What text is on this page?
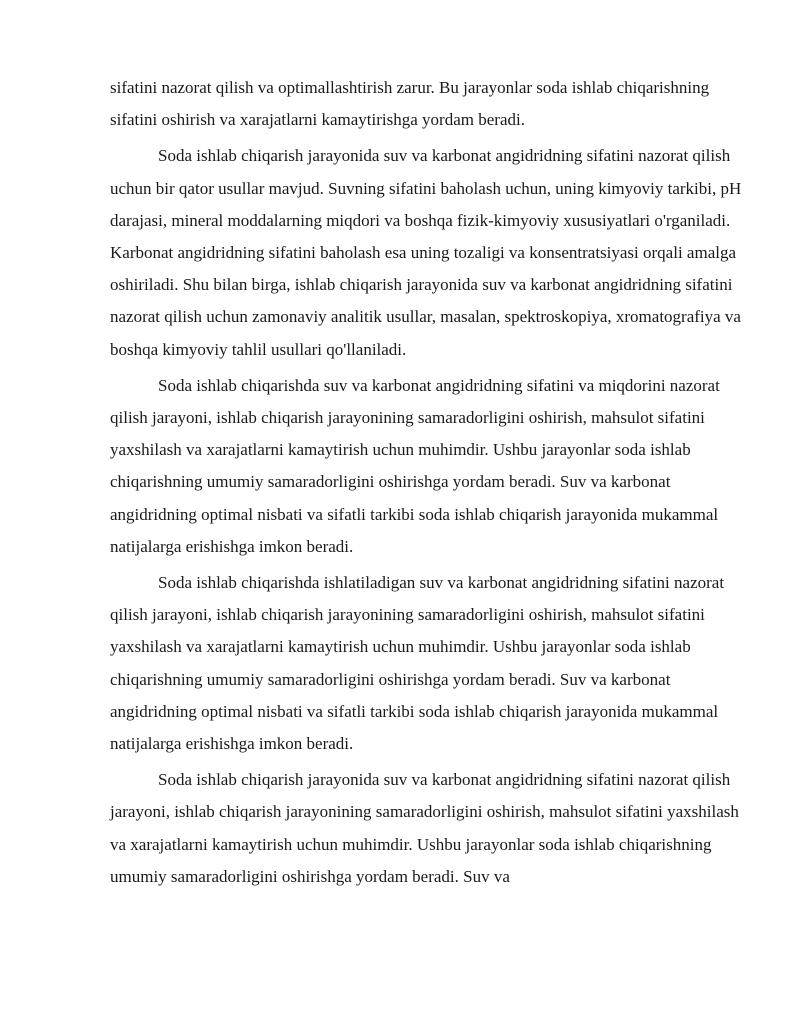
sifatini nazorat qilish va optimallashtirish zarur. Bu jarayonlar soda ishlab chiqarishning sifatini oshirish va xarajatlarni kamaytirishga yordam beradi.

Soda ishlab chiqarish jarayonida suv va karbonat angidridning sifatini nazorat qilish uchun bir qator usullar mavjud. Suvning sifatini baholash uchun, uning kimyoviy tarkibi, pH darajasi, mineral moddalarning miqdori va boshqa fizik-kimyoviy xususiyatlari o'rganiladi. Karbonat angidridning sifatini baholash esa uning tozaligi va konsentratsiyasi orqali amalga oshiriladi. Shu bilan birga, ishlab chiqarish jarayonida suv va karbonat angidridning sifatini nazorat qilish uchun zamonaviy analitik usullar, masalan, spektroskopiya, xromatografiya va boshqa kimyoviy tahlil usullari qo'llaniladi.

Soda ishlab chiqarishda suv va karbonat angidridning sifatini va miqdorini nazorat qilish jarayoni, ishlab chiqarish jarayonining samaradorligini oshirish, mahsulot sifatini yaxshilash va xarajatlarni kamaytirish uchun muhimdir. Ushbu jarayonlar soda ishlab chiqarishning umumiy samaradorligini oshirishga yordam beradi. Suv va karbonat angidridning optimal nisbati va sifatli tarkibi soda ishlab chiqarish jarayonida mukammal natijalarga erishishga imkon beradi.

Soda ishlab chiqarishda ishlatiladigan suv va karbonat angidridning sifatini nazorat qilish jarayoni, ishlab chiqarish jarayonining samaradorligini oshirish, mahsulot sifatini yaxshilash va xarajatlarni kamaytirish uchun muhimdir. Ushbu jarayonlar soda ishlab chiqarishning umumiy samaradorligini oshirishga yordam beradi. Suv va karbonat angidridning optimal nisbati va sifatli tarkibi soda ishlab chiqarish jarayonida mukammal natijalarga erishishga imkon beradi.

Soda ishlab chiqarish jarayonida suv va karbonat angidridning sifatini nazorat qilish jarayoni, ishlab chiqarish jarayonining samaradorligini oshirish, mahsulot sifatini yaxshilash va xarajatlarni kamaytirish uchun muhimdir. Ushbu jarayonlar soda ishlab chiqarishning umumiy samaradorligini oshirishga yordam beradi. Suv va
